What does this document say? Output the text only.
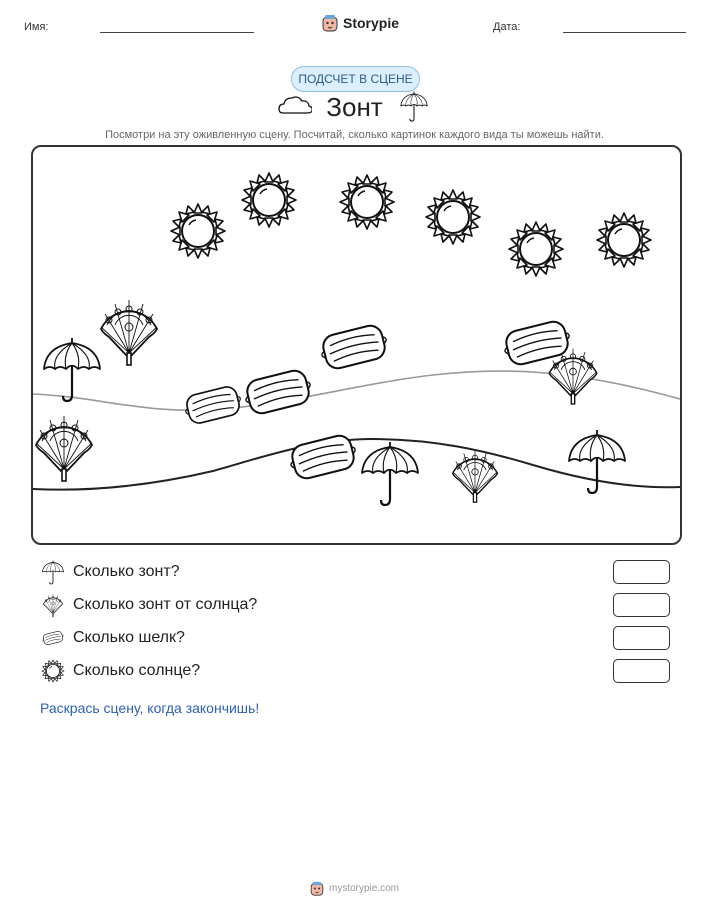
Имя:	Storypie	Дата:
ПОДСЧЕТ В СЦЕНЕ
Зонт
Посмотри на эту оживленную сцену. Посчитай, сколько картинок каждого вида ты можешь найти.
Сколько зонт?
Сколько зонт от солнца?
Сколько шелк?
Сколько солнце?
Раскрась сцену, когда закончишь!
mystorypie.com
